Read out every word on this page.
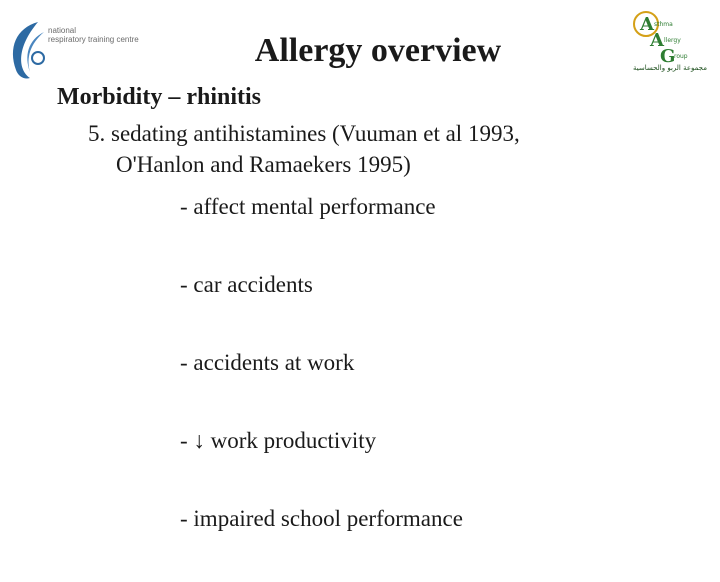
national
respiratory training centre
A sthma
A llergy
G
roup
مجموعة الربو والحساسية
Allergy overview
Morbidity – rhinitis
5. sedating antihistamines (Vuuman et al 1993,
O'Hanlon and Ramaekers 1995)
- affect mental performance
- car accidents
- accidents at work
- ↓ work productivity
- impaired school performance
